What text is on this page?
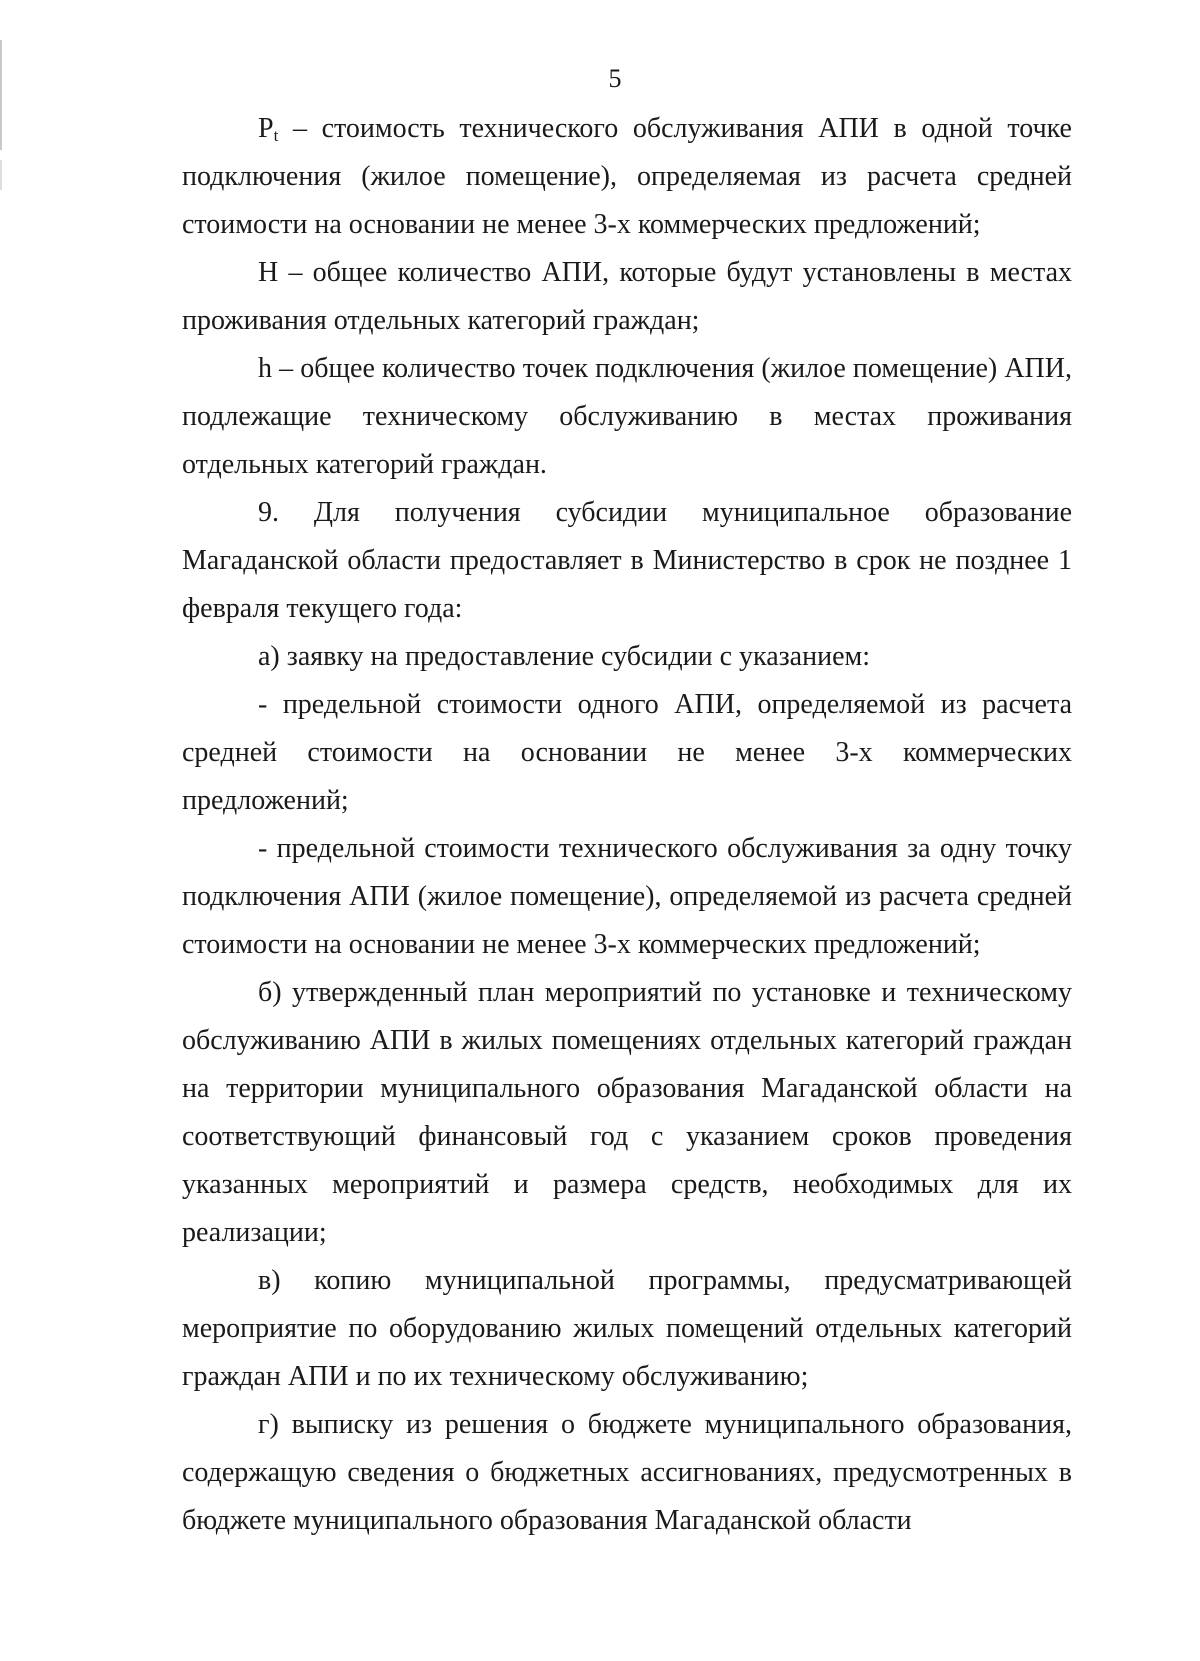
5

$P_t$ – стоимость технического обслуживания АПИ в одной точке подключения (жилое помещение), определяемая из расчета средней стоимости на основании не менее 3-х коммерческих предложений;

Н – общее количество АПИ, которые будут установлены в местах проживания отдельных категорий граждан;

h – общее количество точек подключения (жилое помещение) АПИ, подлежащие техническому обслуживанию в местах проживания отдельных категорий граждан.

9. Для получения субсидии муниципальное образование Магаданской области предоставляет в Министерство в срок не позднее 1 февраля текущего года:

а) заявку на предоставление субсидии с указанием:

- предельной стоимости одного АПИ, определяемой из расчета средней стоимости на основании не менее 3-х коммерческих предложений;

- предельной стоимости технического обслуживания за одну точку подключения АПИ (жилое помещение), определяемой из расчета средней стоимости на основании не менее 3-х коммерческих предложений;

б) утвержденный план мероприятий по установке и техническому обслуживанию АПИ в жилых помещениях отдельных категорий граждан на территории муниципального образования Магаданской области на соответствующий финансовый год с указанием сроков проведения указанных мероприятий и размера средств, необходимых для их реализации;

в) копию муниципальной программы, предусматривающей мероприятие по оборудованию жилых помещений отдельных категорий граждан АПИ и по их техническому обслуживанию;

г) выписку из решения о бюджете муниципального образования, содержащую сведения о бюджетных ассигнованиях, предусмотренных в бюджете муниципального образования Магаданской области
